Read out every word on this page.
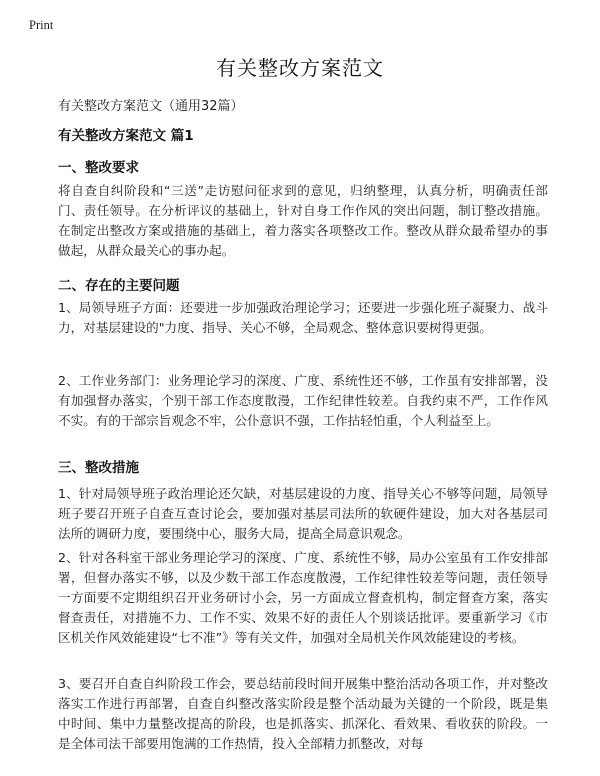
Print
有关整改方案范文
有关整改方案范文（通用32篇）
有关整改方案范文 篇1
一、整改要求
将自查自纠阶段和“三送”走访慰问征求到的意见，归纳整理，认真分析，明确责任部门、责任领导。在分析评议的基础上，针对自身工作作风的突出问题，制订整改措施。在制定出整改方案或措施的基础上，着力落实各项整改工作。整改从群众最希望办的事做起，从群众最关心的事办起。
二、存在的主要问题
1、局领导班子方面：还要进一步加强政治理论学习；还要进一步强化班子凝聚力、战斗力，对基层建设的"力度、指导、关心不够，全局观念、整体意识要树得更强。
2、工作业务部门：业务理论学习的深度、广度、系统性还不够，工作虽有安排部署，没有加强督办落实，个别干部工作态度散漫，工作纪律性较差。自我约束不严，工作作风不实。有的干部宗旨观念不牢，公仆意识不强，工作拈轻怕重，个人利益至上。
三、整改措施
1、针对局领导班子政治理论还欠缺，对基层建设的力度、指导关心不够等问题，局领导班子要召开班子自查互查讨论会，要加强对基层司法所的软硬件建设，加大对各基层司法所的调研力度，要围绕中心，服务大局，提高全局意识观念。
2、针对各科室干部业务理论学习的深度、广度、系统性不够，局办公室虽有工作安排部署，但督办落实不够，以及少数干部工作态度散漫，工作纪律性较差等问题，责任领导一方面要不定期组织召开业务研讨小会，另一方面成立督查机构，制定督查方案，落实督查责任，对措施不力、工作不实、效果不好的责任人个别谈话批评。要重新学习《市区机关作风效能建设“七不准”》等有关文件，加强对全局机关作风效能建设的考核。
3、要召开自查自纠阶段工作会，要总结前段时间开展集中整治活动各项工作，并对整改落实工作进行再部署，自查自纠整改落实阶段是整个活动最为关键的一个阶段，既是集中时间、集中力量整改提高的阶段，也是抓落实、抓深化、看效果、看收获的阶段。一是全体司法干部要用饱满的工作热情，投入全部精力抓整改，对每
